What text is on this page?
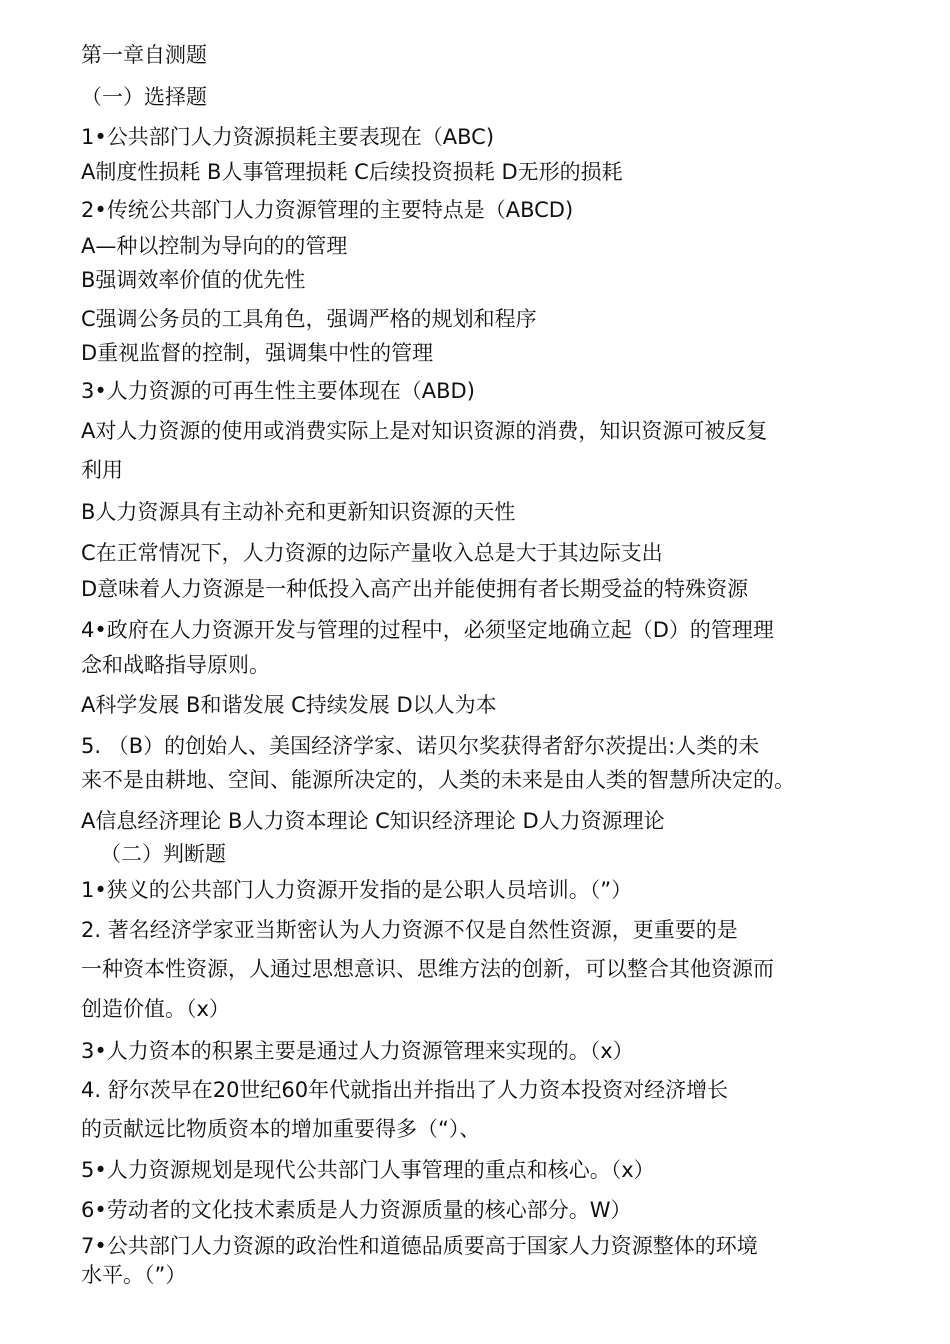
第一章自测题
（一）选择题
1•公共部门人力资源损耗主要表现在（ABC)
A制度性损耗 B人事管理损耗 C后续投资损耗 D无形的损耗
2•传统公共部门人力资源管理的主要特点是（ABCD)
A—种以控制为导向的的管理
B强调效率价值的优先性
C强调公务员的工具角色，强调严格的规划和程序
D重视监督的控制，强调集中性的管理
3•人力资源的可再生性主要体现在（ABD)
A对人力资源的使用或消费实际上是对知识资源的消费，知识资源可被反复
利用
B人力资源具有主动补充和更新知识资源的天性
C在正常情况下，人力资源的边际产量收入总是大于其边际支出
D意味着人力资源是一种低投入高产出并能使拥有者长期受益的特殊资源
4•政府在人力资源开发与管理的过程中，必须坚定地确立起（D）的管理理
念和战略指导原则。
A科学发展 B和谐发展 C持续发展 D以人为本
5. （B）的创始人、美国经济学家、诺贝尔奖获得者舒尔茨提出:人类的未
来不是由耕地、空间、能源所决定的，人类的未来是由人类的智慧所决定的。
A信息经济理论 B人力资本理论 C知识经济理论 D人力资源理论
（二）判断题
1•狭义的公共部门人力资源开发指的是公职人员培训。（”）
2. 著名经济学家亚当斯密认为人力资源不仅是自然性资源，更重要的是
一种资本性资源，人通过思想意识、思维方法的创新，可以整合其他资源而
创造价值。（x）
3•人力资本的积累主要是通过人力资源管理来实现的。（x）
4. 舒尔茨早在20世纪60年代就指出并指出了人力资本投资对经济增长
的贡献远比物质资本的增加重要得多（“）、
5•人力资源规划是现代公共部门人事管理的重点和核心。（x）
6•劳动者的文化技术素质是人力资源质量的核心部分。W）
7•公共部门人力资源的政治性和道德品质要高于国家人力资源整体的环境
水平。（”）
